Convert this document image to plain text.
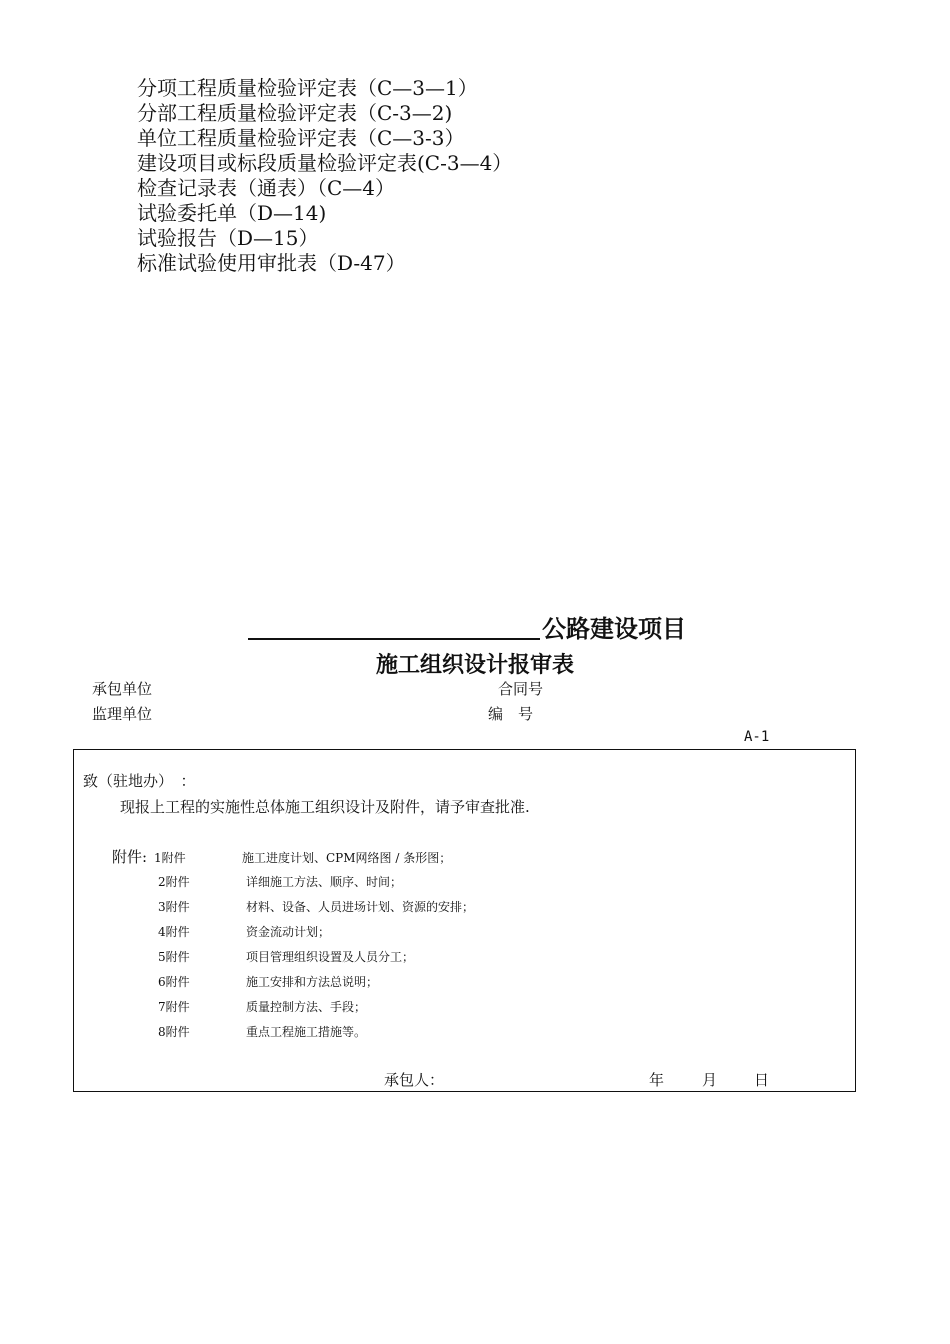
分项工程质量检验评定表（C—3—1）
分部工程质量检验评定表（C-3—2)
单位工程质量检验评定表（C—3-3）
建设项目或标段质量检验评定表(C-3—4）
检查记录表（通表）（C—4）
试验委托单（D—14)
试验报告（D—15）
标准试验使用审批表（D-47）
公路建设项目
施工组织设计报审表
承包单位	合同号
监理单位	编　号
A-1
致（驻地办）　：
现报上工程的实施性总体施工组织设计及附件，请予审查批准.
附件: 1附件	施工进度计划、CPM网络图 / 条形图；
2附件	详细施工方法、顺序、时间；
3附件	材料、设备、人员进场计划、资源的安排；
4附件	资金流动计划；
5附件	项目管理组织设置及人员分工；
6附件	施工安排和方法总说明；
7附件	质量控制方法、手段；
8附件	重点工程施工措施等。
承包人：	年	月 日
